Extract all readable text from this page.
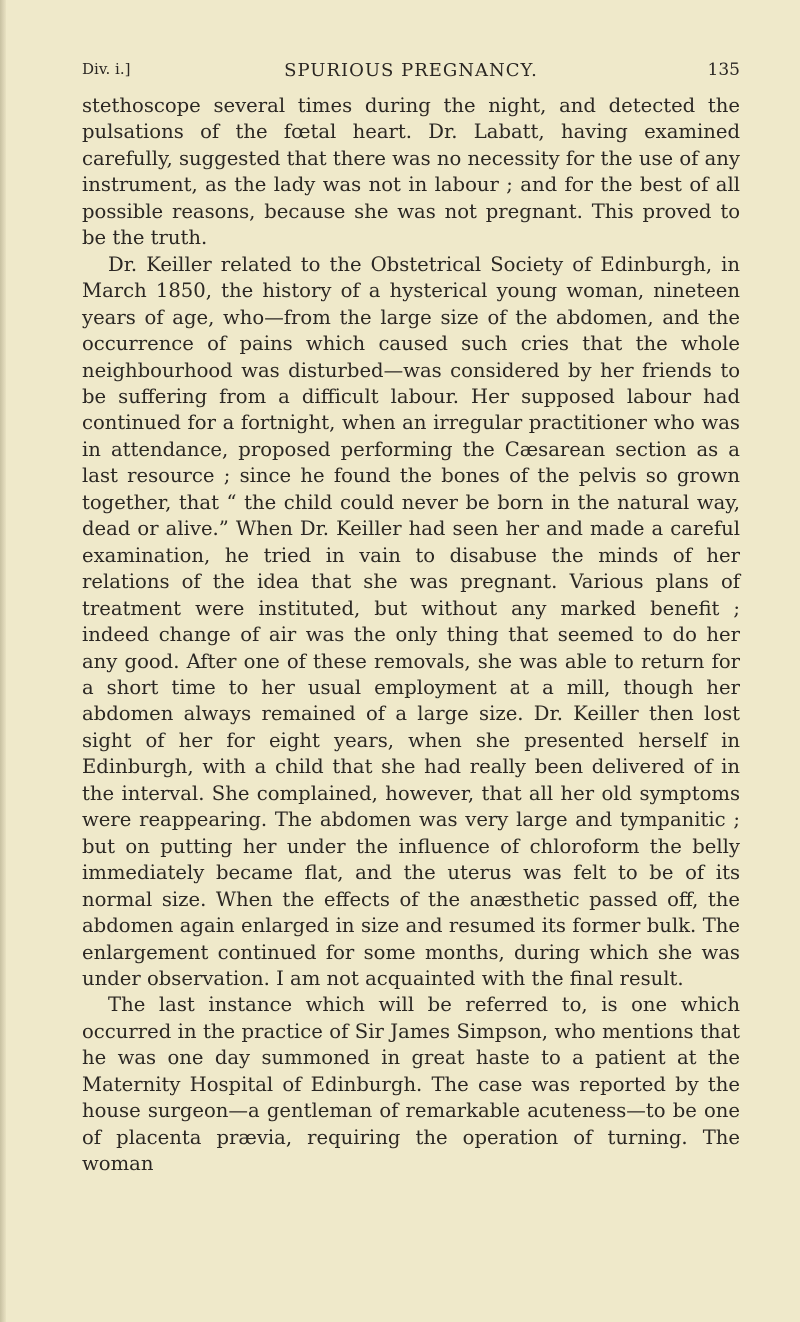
Div. i.]	SPURIOUS PREGNANCY.	135

stethoscope several times during the night, and detected the pulsations of the fœtal heart. Dr. Labatt, having examined carefully, suggested that there was no necessity for the use of any instrument, as the lady was not in labour ; and for the best of all possible reasons, because she was not pregnant. This proved to be the truth.

Dr. Keiller related to the Obstetrical Society of Edinburgh, in March 1850, the history of a hysterical young woman, nineteen years of age, who—from the large size of the abdomen, and the occurrence of pains which caused such cries that the whole neighbourhood was disturbed—was considered by her friends to be suffering from a difficult labour. Her supposed labour had continued for a fortnight, when an irregular practitioner who was in attendance, proposed performing the Cæsarean section as a last resource ; since he found the bones of the pelvis so grown together, that “ the child could never be born in the natural way, dead or alive.” When Dr. Keiller had seen her and made a careful examination, he tried in vain to disabuse the minds of her relations of the idea that she was pregnant. Various plans of treatment were instituted, but without any marked benefit ; indeed change of air was the only thing that seemed to do her any good. After one of these removals, she was able to return for a short time to her usual employment at a mill, though her abdomen always remained of a large size. Dr. Keiller then lost sight of her for eight years, when she presented herself in Edinburgh, with a child that she had really been delivered of in the interval. She complained, however, that all her old symptoms were reappearing. The abdomen was very large and tympanitic ; but on putting her under the influence of chloroform the belly immediately became flat, and the uterus was felt to be of its normal size. When the effects of the anæsthetic passed off, the abdomen again enlarged in size and resumed its former bulk. The enlargement continued for some months, during which she was under observation. I am not acquainted with the final result.

The last instance which will be referred to, is one which occurred in the practice of Sir James Simpson, who mentions that he was one day summoned in great haste to a patient at the Maternity Hospital of Edinburgh. The case was reported by the house surgeon—a gentleman of remarkable acuteness—to be one of placenta prævia, requiring the operation of turning. The woman
